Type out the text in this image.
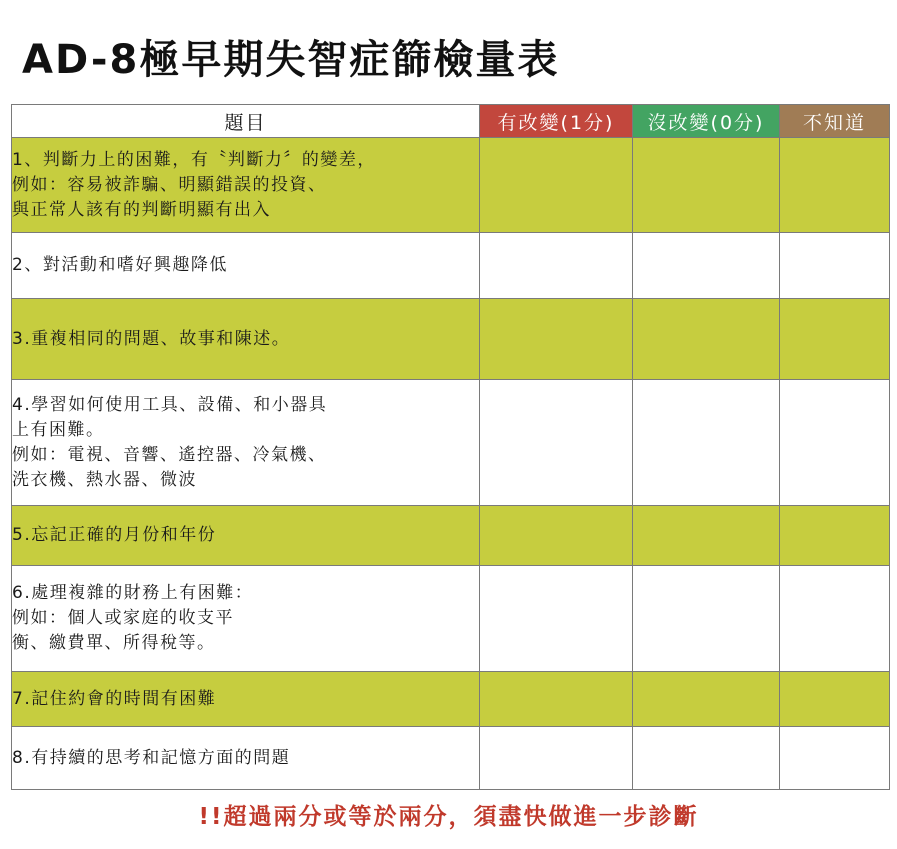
AD-8極早期失智症篩檢量表
題目	有改變(1分)	沒改變(0分)	不知道
1、判斷力上的困難，有〝判斷力〞的變差，
例如：容易被詐騙、明顯錯誤的投資、
與正常人該有的判斷明顯有出入			
2、對活動和嗜好興趣降低			
3.重複相同的問題、故事和陳述。			
4.學習如何使用工具、設備、和小器具
上有困難。
例如：電視、音響、遙控器、冷氣機、
洗衣機、熱水器、微波			
5.忘記正確的月份和年份			
6.處理複雜的財務上有困難：
例如：個人或家庭的收支平
衡、繳費單、所得稅等。			
7.記住約會的時間有困難			
8.有持續的思考和記憶方面的問題			
!!超過兩分或等於兩分，須盡快做進一步診斷
